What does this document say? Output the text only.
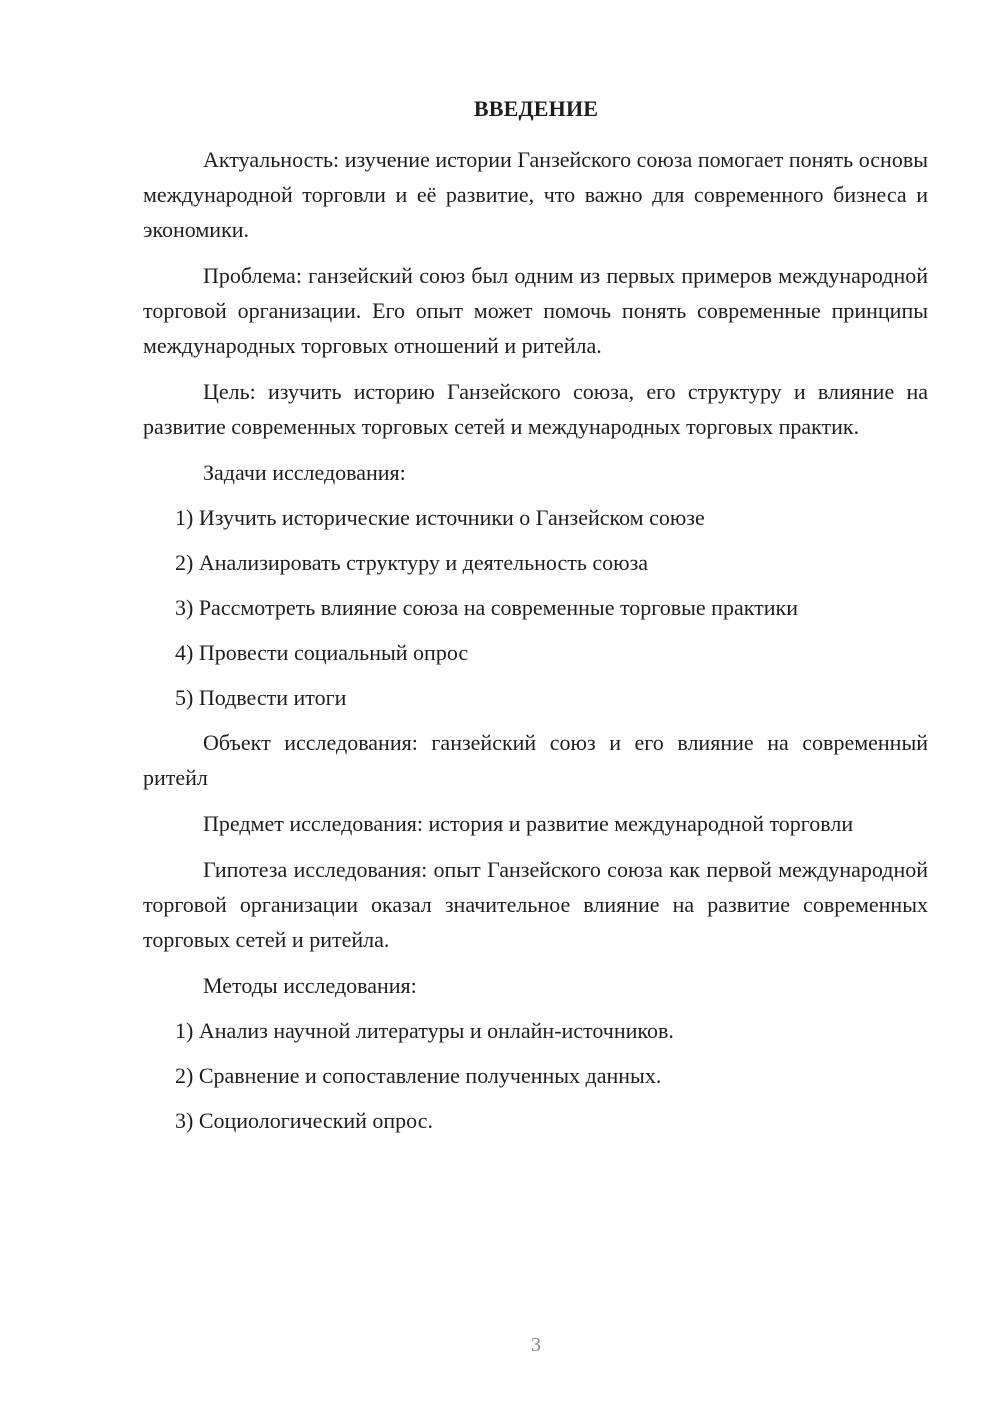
ВВЕДЕНИЕ

Актуальность: изучение истории Ганзейского союза помогает понять основы международной торговли и её развитие, что важно для современного бизнеса и экономики.

Проблема: ганзейский союз был одним из первых примеров международной торговой организации. Его опыт может помочь понять современные принципы международных торговых отношений и ритейла.

Цель: изучить историю Ганзейского союза, его структуру и влияние на развитие современных торговых сетей и международных торговых практик.

Задачи исследования:

1) Изучить исторические источники о Ганзейском союзе

2) Анализировать структуру и деятельность союза

3) Рассмотреть влияние союза на современные торговые практики

4) Провести социальный опрос

5) Подвести итоги

Объект исследования: ганзейский союз и его влияние на современный ритейл

Предмет исследования: история и развитие международной торговли

Гипотеза исследования: опыт Ганзейского союза как первой международной торговой организации оказал значительное влияние на развитие современных торговых сетей и ритейла.

Методы исследования:

1) Анализ научной литературы и онлайн-источников.

2) Сравнение и сопоставление полученных данных.

3) Социологический опрос.

3
